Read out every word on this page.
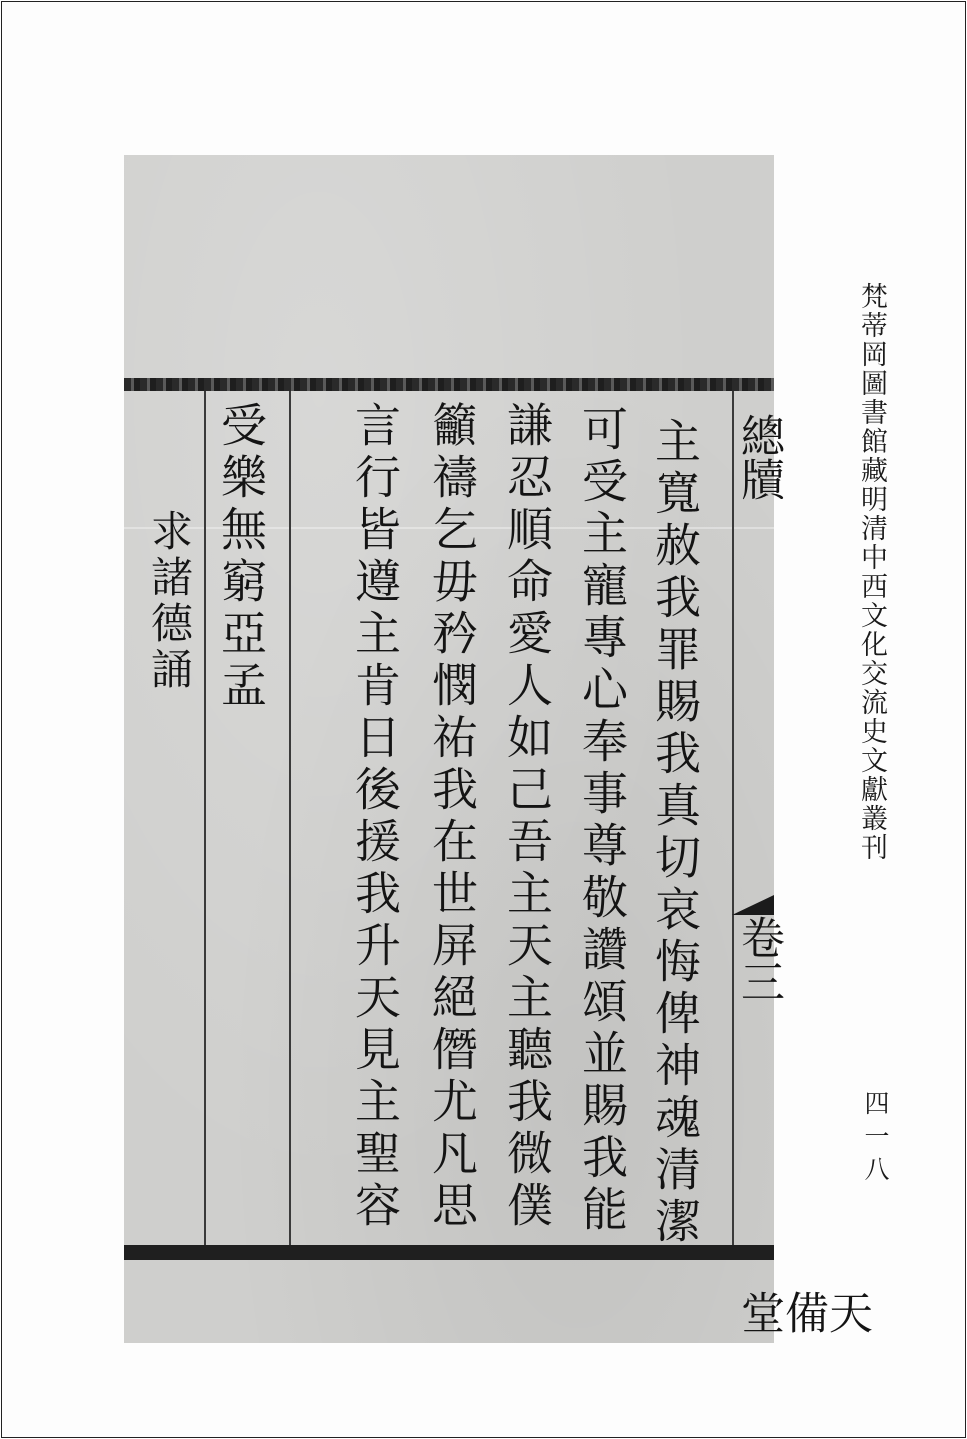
總牘
卷三
天備堂
主寬赦我罪賜我真切哀悔俾神魂清潔
可受主寵專心奉事尊敬讚頌並賜我能
謙忍順命愛人如己吾主天主聽我微僕
籲禱乞毋矜憫祐我在世屏絕僭尤凡思
言行皆遵主肯日後援我升天見主聖容
受樂無窮亞孟
求諸德誦	梵蒂岡圖書館藏明清中西文化交流史文獻叢刊
四一八
